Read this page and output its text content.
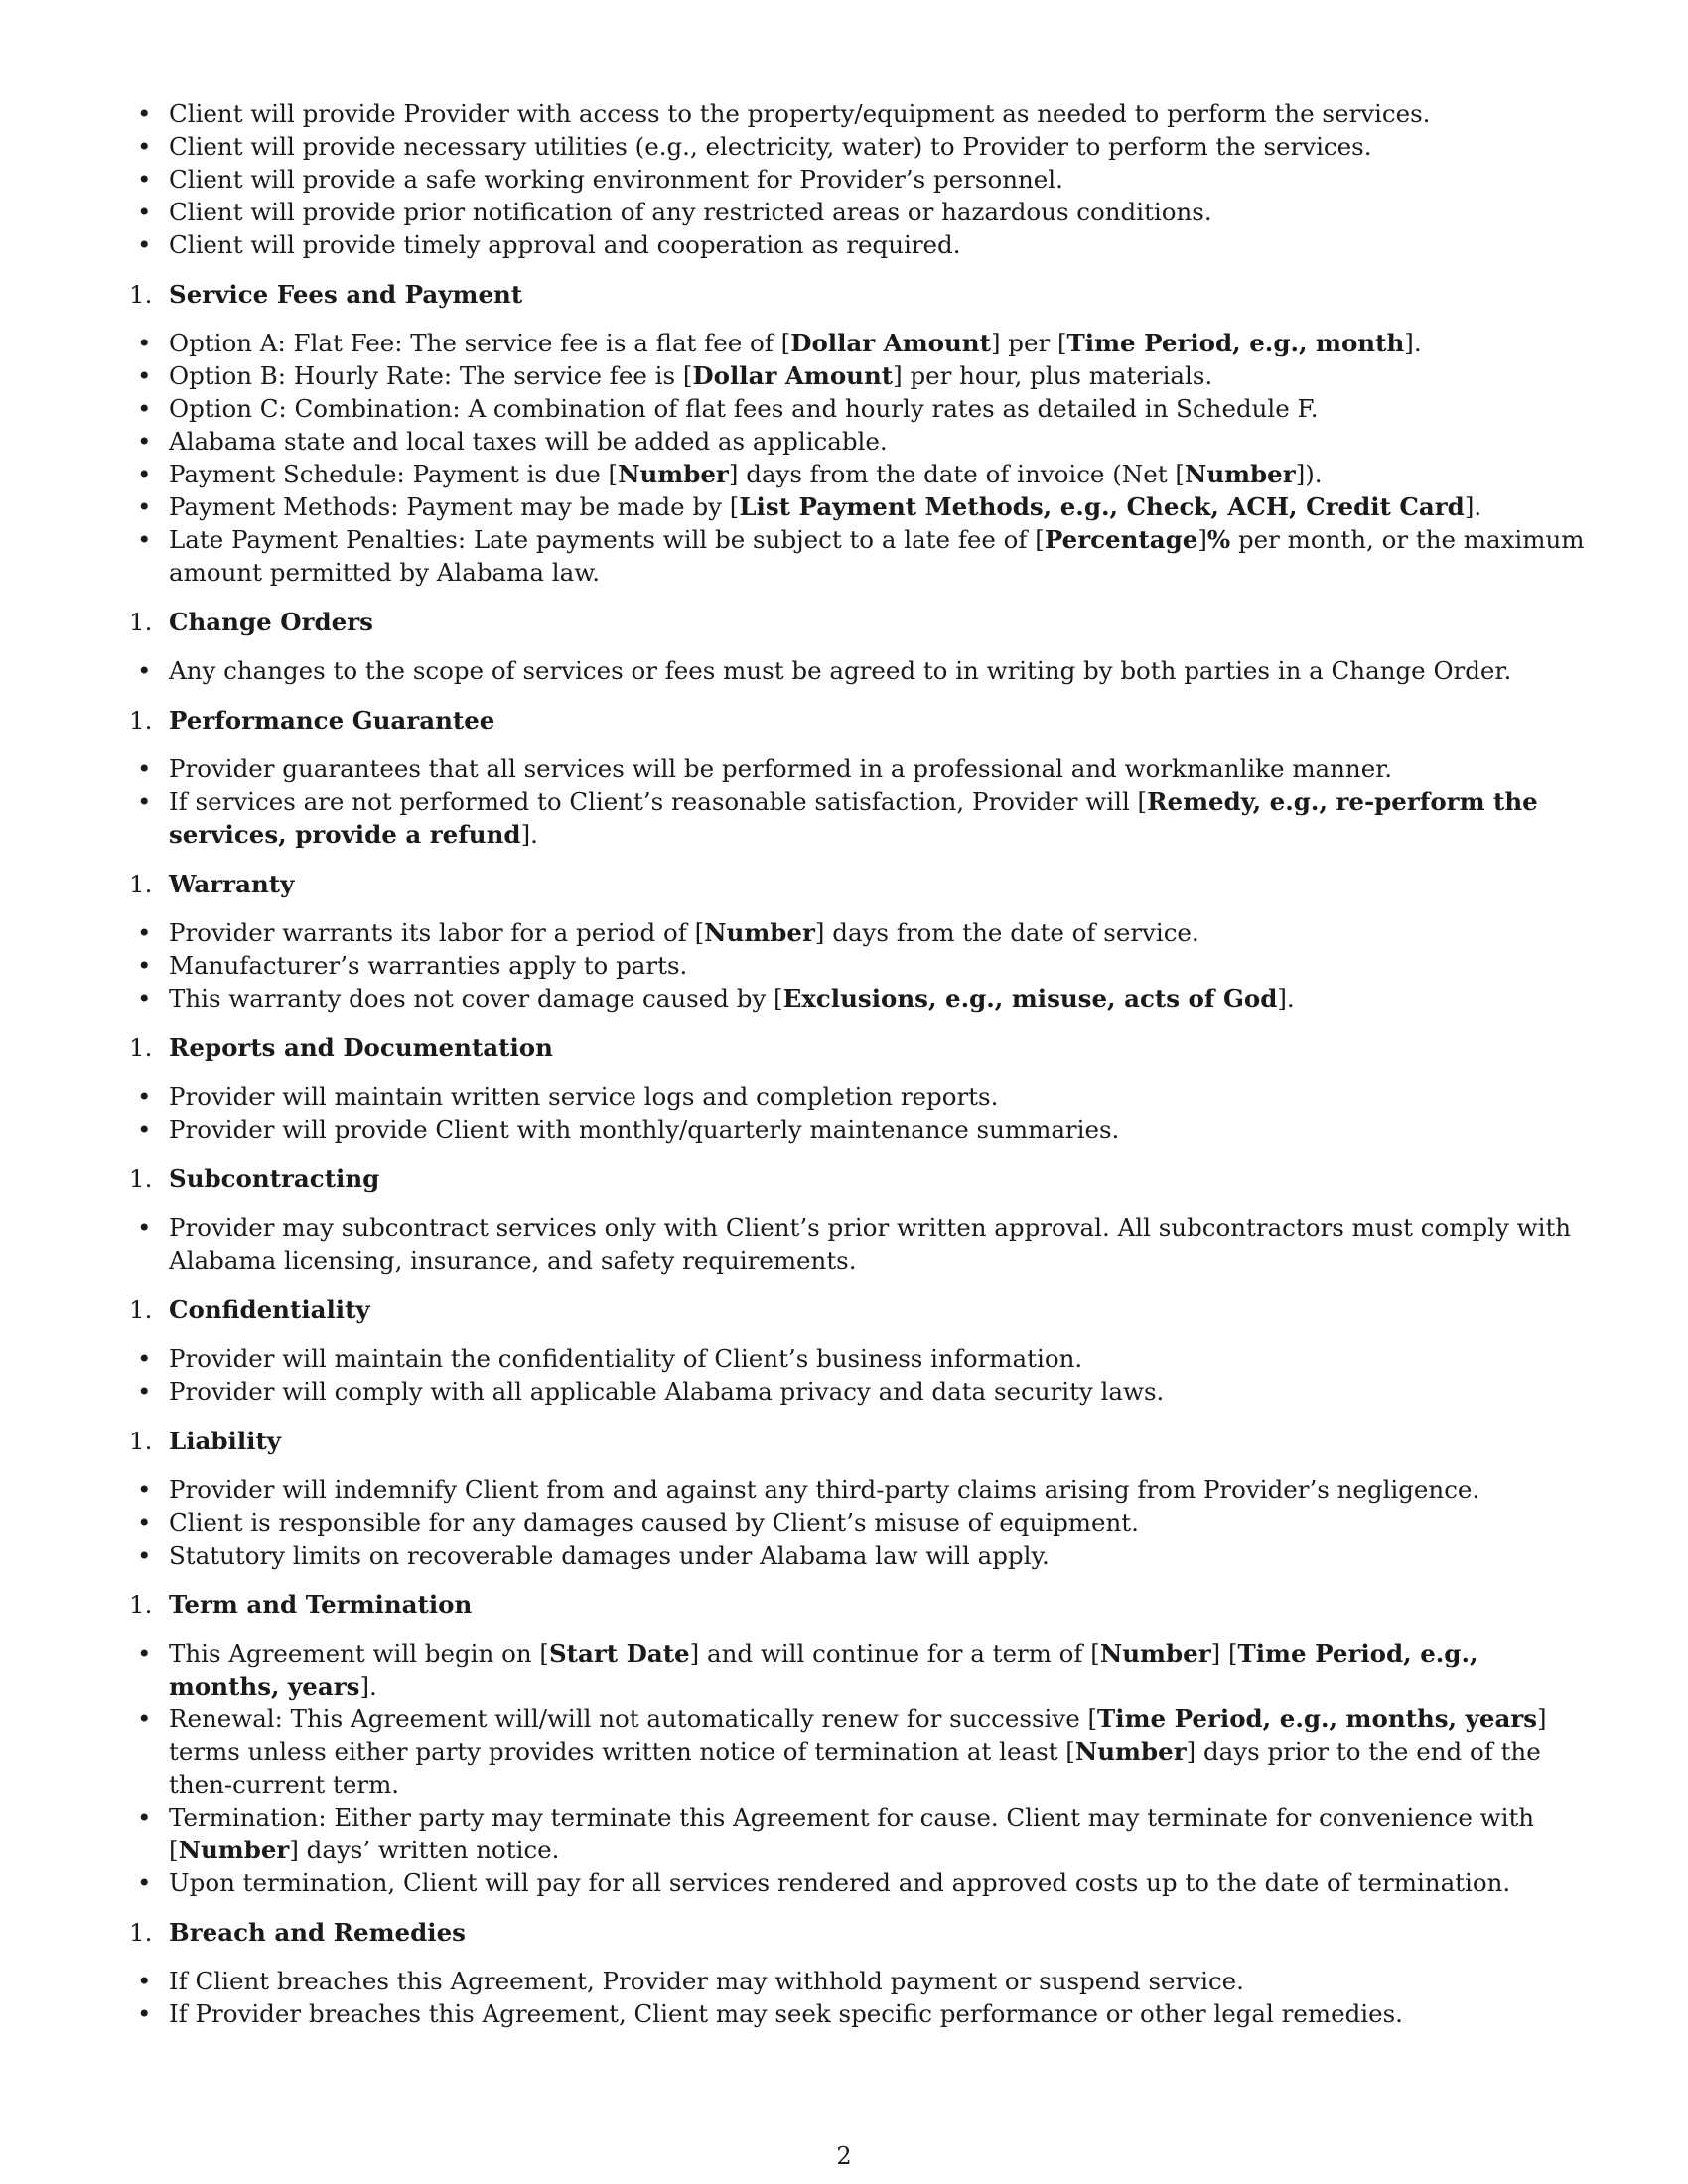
• Client will provide Provider with access to the property/equipment as needed to perform the services.
• Client will provide necessary utilities (e.g., electricity, water) to Provider to perform the services.
• Client will provide a safe working environment for Provider’s personnel.
• Client will provide prior notification of any restricted areas or hazardous conditions.
• Client will provide timely approval and cooperation as required.
1. Service Fees and Payment
• Option A: Flat Fee: The service fee is a flat fee of [Dollar Amount] per [Time Period, e.g., month].
• Option B: Hourly Rate: The service fee is [Dollar Amount] per hour, plus materials.
• Option C: Combination: A combination of flat fees and hourly rates as detailed in Schedule F.
• Alabama state and local taxes will be added as applicable.
• Payment Schedule: Payment is due [Number] days from the date of invoice (Net [Number]).
• Payment Methods: Payment may be made by [List Payment Methods, e.g., Check, ACH, Credit Card].
• Late Payment Penalties: Late payments will be subject to a late fee of [Percentage]% per month, or the maximum amount permitted by Alabama law.
1. Change Orders
• Any changes to the scope of services or fees must be agreed to in writing by both parties in a Change Order.
1. Performance Guarantee
• Provider guarantees that all services will be performed in a professional and workmanlike manner.
• If services are not performed to Client’s reasonable satisfaction, Provider will [Remedy, e.g., re-perform the services, provide a refund].
1. Warranty
• Provider warrants its labor for a period of [Number] days from the date of service.
• Manufacturer’s warranties apply to parts.
• This warranty does not cover damage caused by [Exclusions, e.g., misuse, acts of God].
1. Reports and Documentation
• Provider will maintain written service logs and completion reports.
• Provider will provide Client with monthly/quarterly maintenance summaries.
1. Subcontracting
• Provider may subcontract services only with Client’s prior written approval. All subcontractors must comply with Alabama licensing, insurance, and safety requirements.
1. Confidentiality
• Provider will maintain the confidentiality of Client’s business information.
• Provider will comply with all applicable Alabama privacy and data security laws.
1. Liability
• Provider will indemnify Client from and against any third-party claims arising from Provider’s negligence.
• Client is responsible for any damages caused by Client’s misuse of equipment.
• Statutory limits on recoverable damages under Alabama law will apply.
1. Term and Termination
• This Agreement will begin on [Start Date] and will continue for a term of [Number] [Time Period, e.g., months, years].
• Renewal: This Agreement will/will not automatically renew for successive [Time Period, e.g., months, years] terms unless either party provides written notice of termination at least [Number] days prior to the end of the then-current term.
• Termination: Either party may terminate this Agreement for cause. Client may terminate for convenience with [Number] days’ written notice.
• Upon termination, Client will pay for all services rendered and approved costs up to the date of termination.
1. Breach and Remedies
• If Client breaches this Agreement, Provider may withhold payment or suspend service.
• If Provider breaches this Agreement, Client may seek specific performance or other legal remedies.
2
